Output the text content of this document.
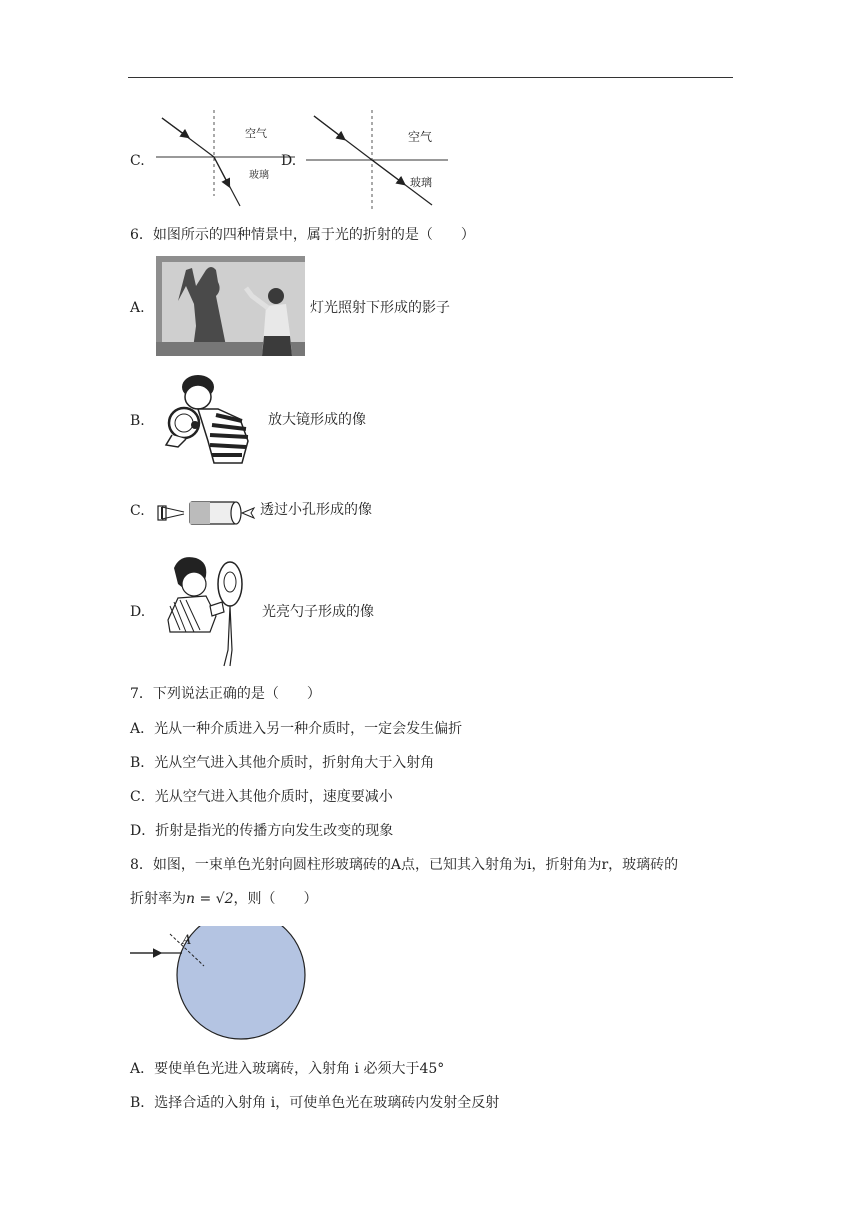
C.
空气
玻璃
D.
空气
玻璃
6．如图所示的四种情景中，属于光的折射的是（　　）
A.	灯光照射下形成的影子
B.	放大镜形成的像
C.	透过小孔形成的像
D.	光亮勺子形成的像
7．下列说法正确的是（　　）
A．光从一种介质进入另一种介质时，一定会发生偏折
B．光从空气进入其他介质时，折射角大于入射角
C．光从空气进入其他介质时，速度要减小
D．折射是指光的传播方向发生改变的现象
8．如图，一束单色光射向圆柱形玻璃砖的A点，已知其入射角为i，折射角为r，玻璃砖的
折射率为n = √2，则（　　）
A
A．要使单色光进入玻璃砖，入射角 i 必须大于45°
B．选择合适的入射角 i，可使单色光在玻璃砖内发射全反射
